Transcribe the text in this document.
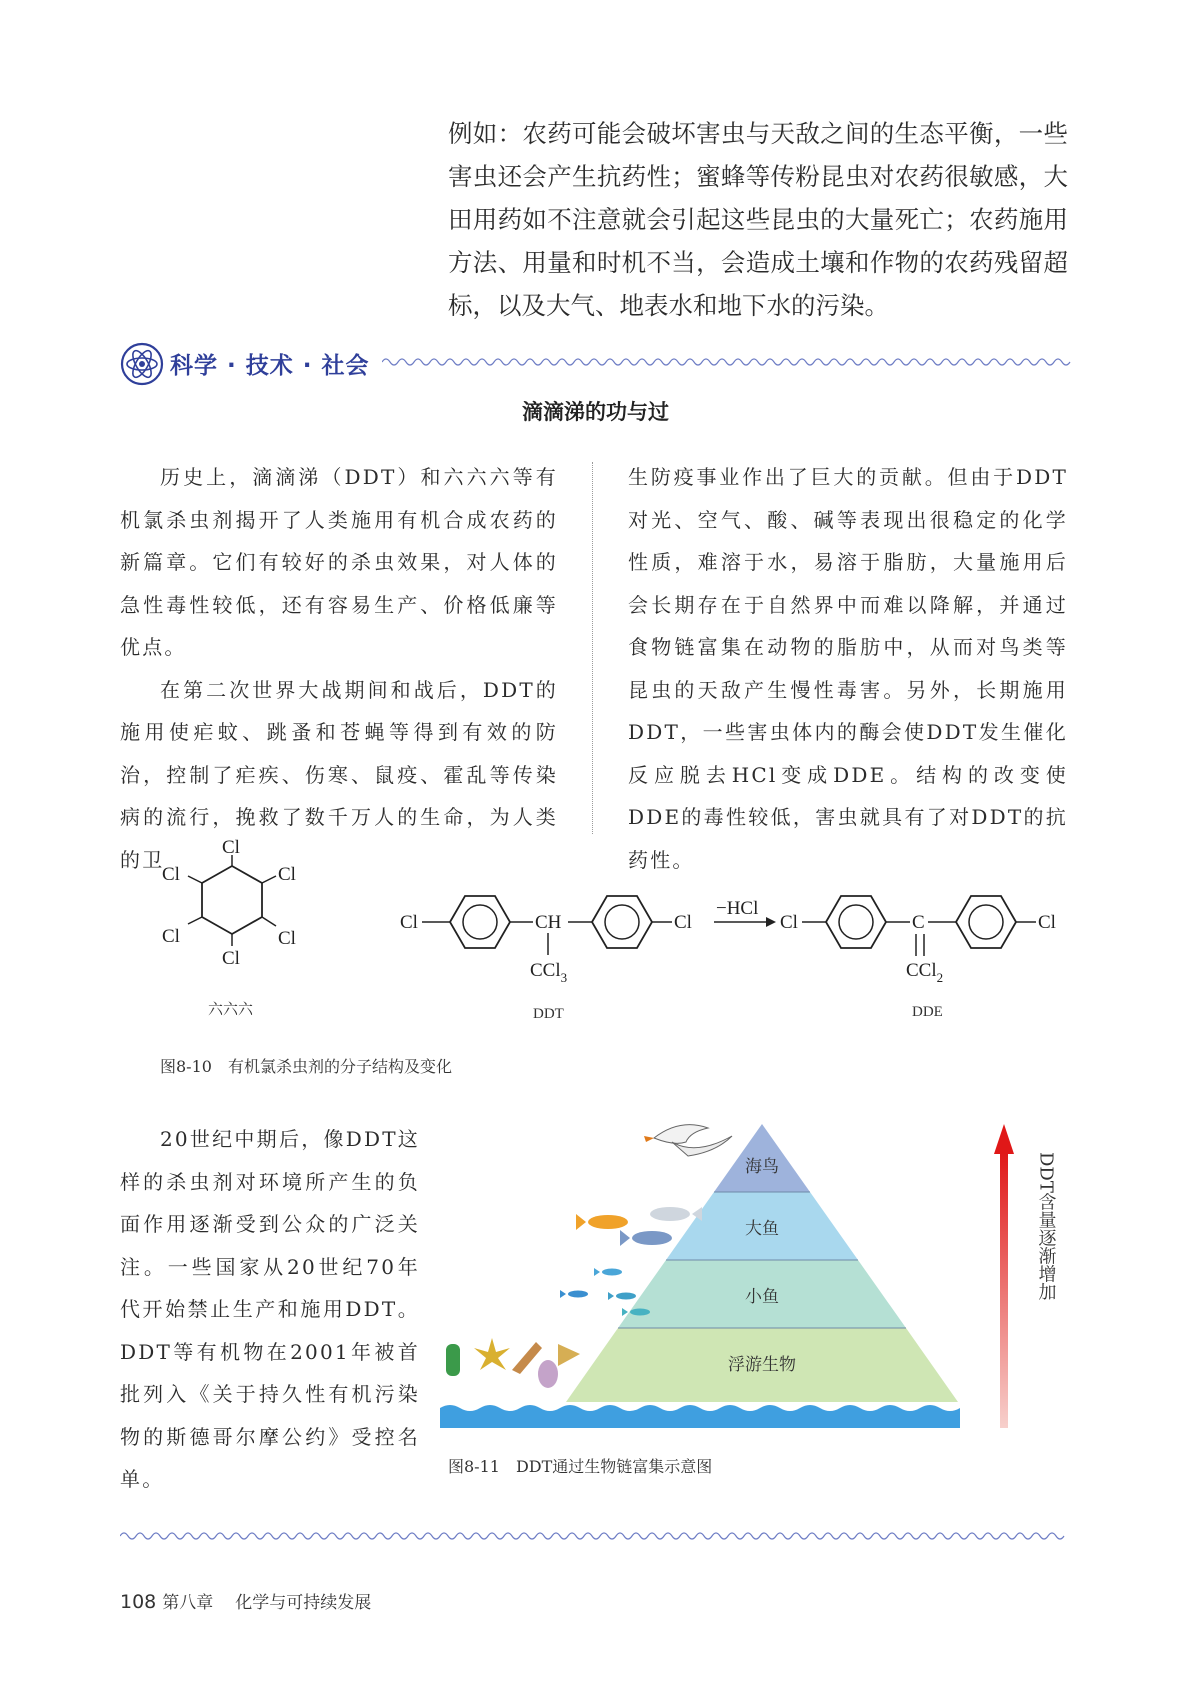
例如：农药可能会破坏害虫与天敌之间的生态平衡，一些害虫还会产生抗药性；蜜蜂等传粉昆虫对农药很敏感，大田用药如不注意就会引起这些昆虫的大量死亡；农药施用方法、用量和时机不当，会造成土壤和作物的农药残留超标，以及大气、地表水和地下水的污染。

科学 · 技术 · 社会
滴滴涕的功与过

历史上，滴滴涕（DDT）和六六六等有机氯杀虫剂揭开了人类施用有机合成农药的新篇章。它们有较好的杀虫效果，对人体的急性毒性较低，还有容易生产、价格低廉等优点。

在第二次世界大战期间和战后，DDT的施用使疟蚊、跳蚤和苍蝇等得到有效的防治，控制了疟疾、伤寒、鼠疫、霍乱等传染病的流行，挽救了数千万人的生命，为人类的卫

生防疫事业作出了巨大的贡献。但由于DDT对光、空气、酸、碱等表现出很稳定的化学性质，难溶于水，易溶于脂肪，大量施用后会长期存在于自然界中而难以降解，并通过食物链富集在动物的脂肪中，从而对鸟类等昆虫的天敌产生慢性毒害。另外，长期施用DDT，一些害虫体内的酶会使DDT发生催化反应脱去HCl变成DDE。结构的改变使DDE的毒性较低，害虫就具有了对DDT的抗药性。

Cl
Cl
Cl
Cl
Cl
Cl
六六六
Cl	CH
CCl$_3$
Cl
DDT
−HCl
Cl	C
CCl$_2$
Cl
DDE
图8-10　有机氯杀虫剂的分子结构及变化

20世纪中期后，像DDT这样的杀虫剂对环境所产生的负面作用逐渐受到公众的广泛关注。一些国家从20世纪70年代开始禁止生产和施用DDT。DDT等有机物在2001年被首批列入《关于持久性有机污染物的斯德哥尔摩公约》受控名单。

海鸟
大鱼
小鱼
浮游生物
DDT含量逐渐增加
图8-11　DDT通过生物链富集示意图
108 第八章 化学与可持续发展
